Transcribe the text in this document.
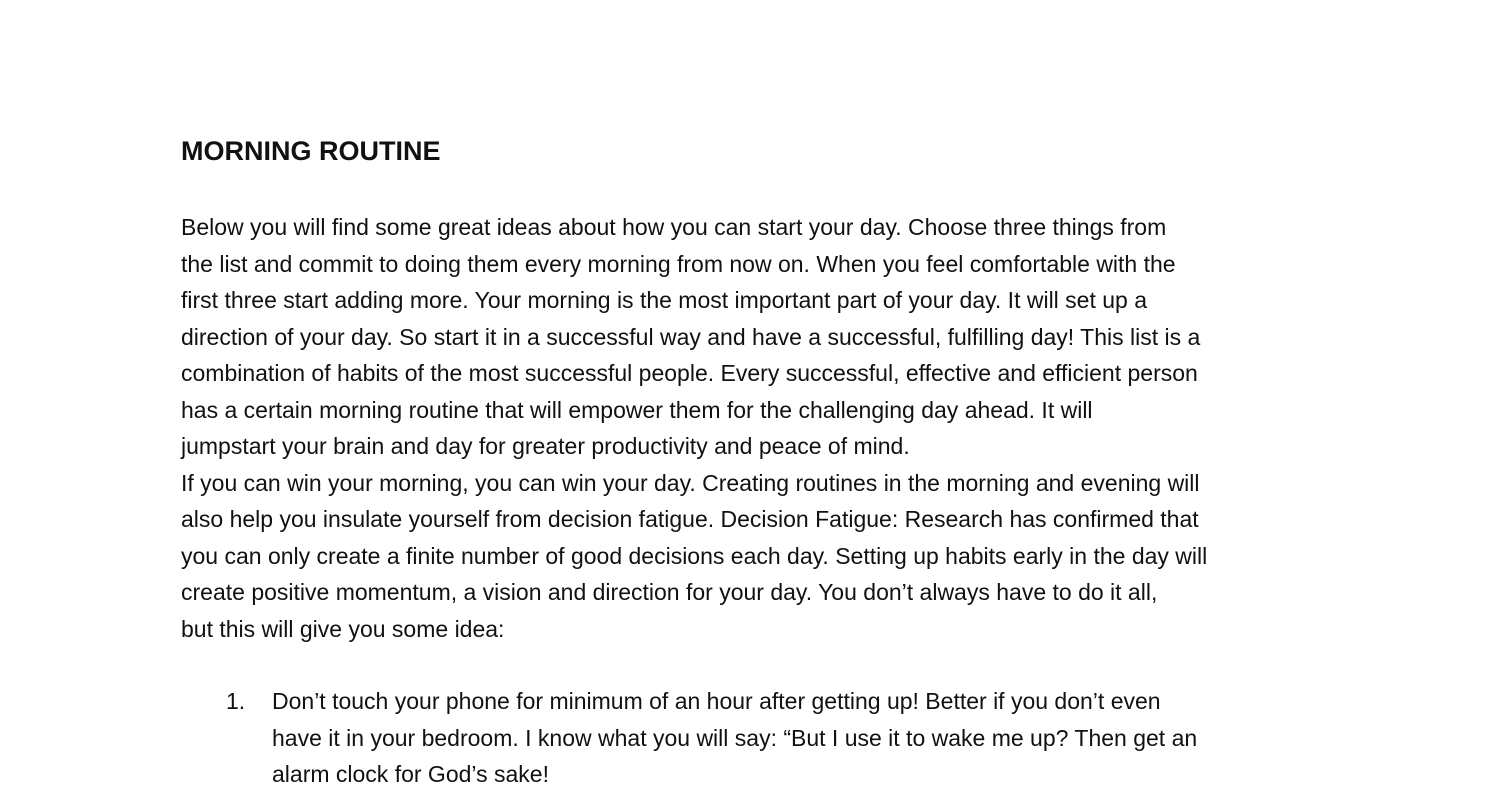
MORNING ROUTINE

Below you will find some great ideas about how you can start your day. Choose three things from
the list and commit to doing them every morning from now on. When you feel comfortable with the
first three start adding more. Your morning is the most important part of your day. It will set up a
direction of your day. So start it in a successful way and have a successful, fulfilling day! This list is a
combination of habits of the most successful people. Every successful, effective and efficient person
has a certain morning routine that will empower them for the challenging day ahead. It will
jumpstart your brain and day for greater productivity and peace of mind.

If you can win your morning, you can win your day. Creating routines in the morning and evening will
also help you insulate yourself from decision fatigue. Decision Fatigue: Research has confirmed that
you can only create a finite number of good decisions each day. Setting up habits early in the day will
create positive momentum, a vision and direction for your day. You don’t always have to do it all,
but this will give you some idea:

1. Don’t touch your phone for minimum of an hour after getting up! Better if you don’t even
have it in your bedroom. I know what you will say: “But I use it to wake me up? Then get an
alarm clock for God’s sake!
